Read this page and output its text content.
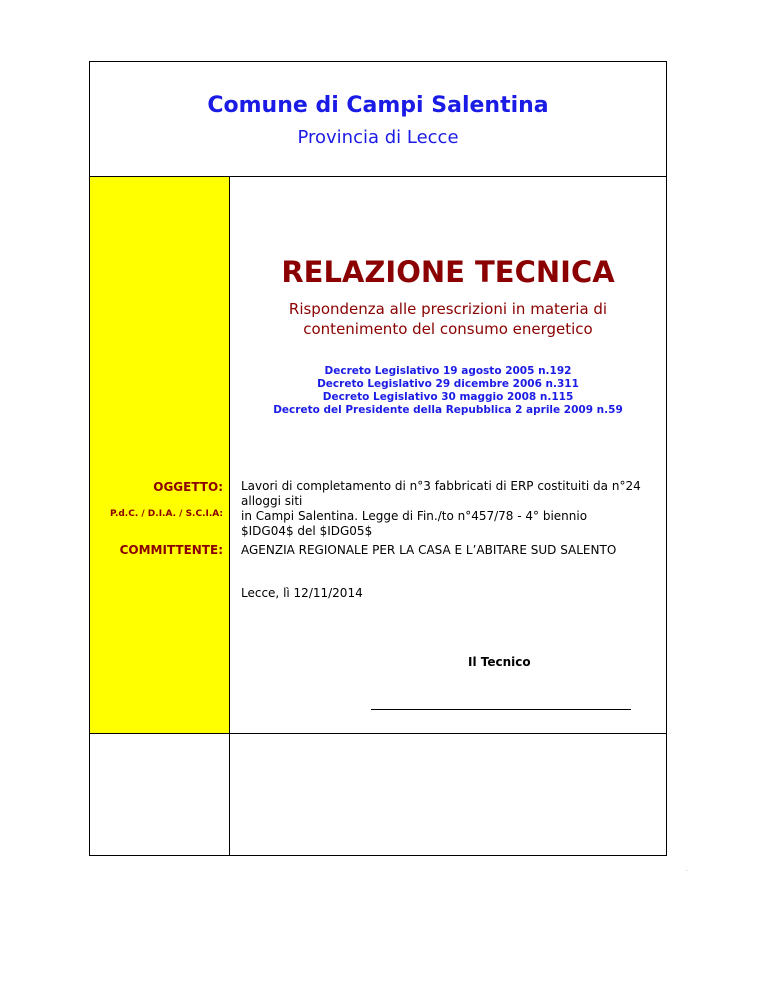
Comune di Campi Salentina
Provincia di Lecce
OGGETTO:
P.d.C. / D.I.A. / S.C.I.A:
COMMITTENTE:
RELAZIONE TECNICA
Rispondenza alle prescrizioni in materia di
contenimento del consumo energetico
Decreto Legislativo 19 agosto 2005 n.192
Decreto Legislativo 29 dicembre 2006 n.311
Decreto Legislativo 30 maggio 2008 n.115
Decreto del Presidente della Repubblica 2 aprile 2009 n.59
Lavori di completamento di n°3 fabbricati di ERP costituiti da n°24 alloggi siti
in Campi Salentina. Legge di Fin./to n°457/78 - 4° biennio
$IDG04$ del $IDG05$
AGENZIA REGIONALE PER LA CASA E L’ABITARE SUD SALENTO
Lecce, lì 12/11/2014
Il Tecnico
.
